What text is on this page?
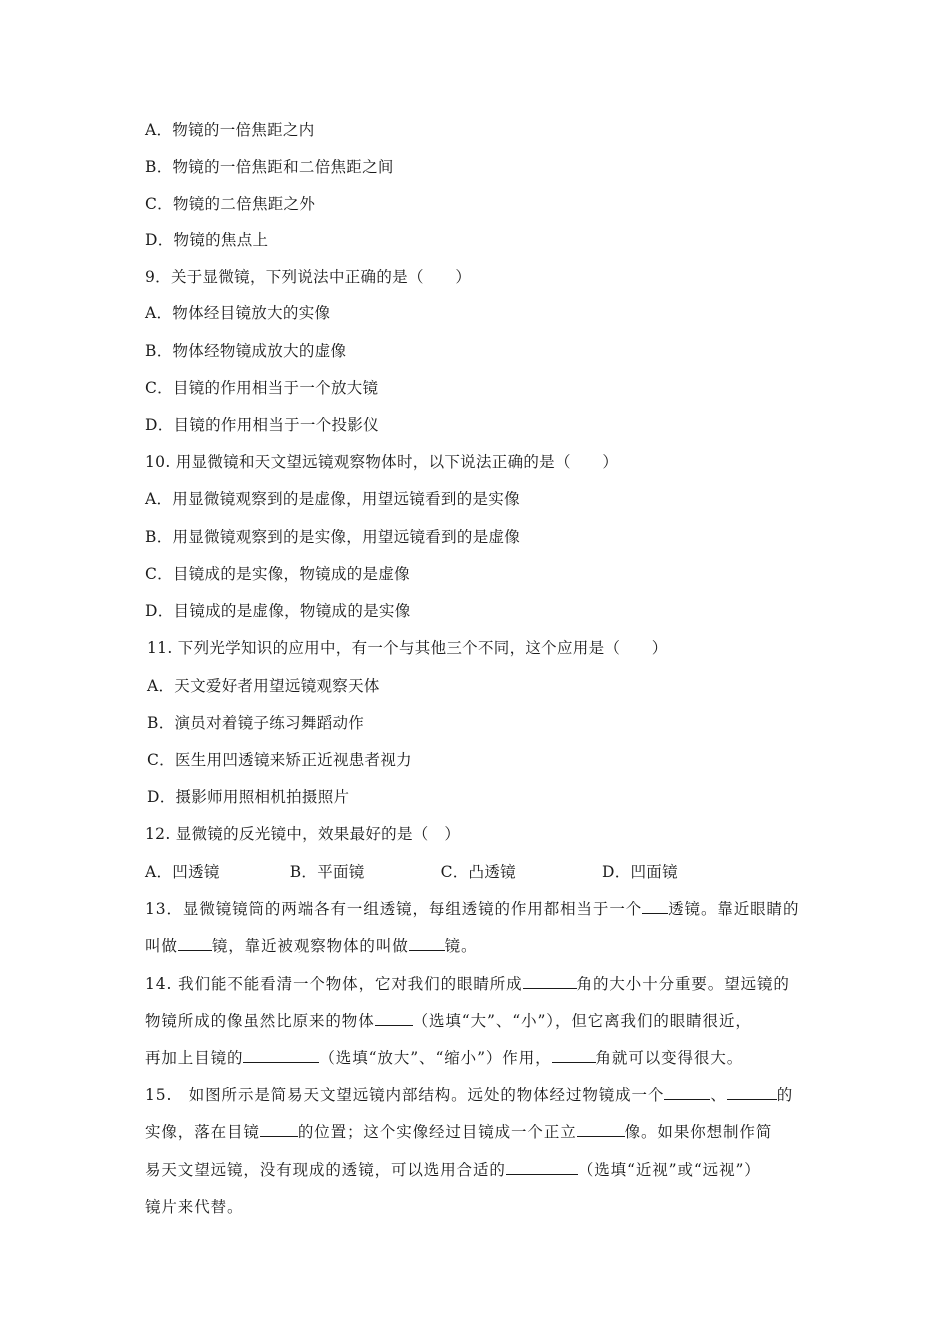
A．物镜的一倍焦距之内
B．物镜的一倍焦距和二倍焦距之间
C．物镜的二倍焦距之外
D．物镜的焦点上
9．关于显微镜，下列说法中正确的是（　　）
A．物体经目镜放大的实像
B．物体经物镜成放大的虚像
C．目镜的作用相当于一个放大镜
D．目镜的作用相当于一个投影仪
10. 用显微镜和天文望远镜观察物体时，以下说法正确的是（　　）
A．用显微镜观察到的是虚像，用望远镜看到的是实像
B．用显微镜观察到的是实像，用望远镜看到的是虚像
C．目镜成的是实像，物镜成的是虚像
D．目镜成的是虚像，物镜成的是实像
11. 下列光学知识的应用中，有一个与其他三个不同，这个应用是（　　）
A．天文爱好者用望远镜观察天体
B．演员对着镜子练习舞蹈动作
C．医生用凹透镜来矫正近视患者视力
D．摄影师用照相机拍摄照片
12. 显微镜的反光镜中，效果最好的是（　）
A．凹透镜	B．平面镜	C．凸透镜	D．凹面镜
13．显微镜镜筒的两端各有一组透镜，每组透镜的作用都相当于一个 透镜。靠近眼睛的
叫做 镜，靠近被观察物体的叫做 镜。
14. 我们能不能看清一个物体，它对我们的眼睛所成	角的大小十分重要。望远镜的
物镜所成的像虽然比原来的物体 （选填“大”、“小”），但它离我们的眼睛很近，
再加上目镜的	（选填“放大”、“缩小”）作用，	角就可以变得很大。
15.　如图所示是简易天文望远镜内部结构。远处的物体经过物镜成一个	、	的
实像，落在目镜 的位置；这个实像经过目镜成一个正立	像。如果你想制作简
易天文望远镜，没有现成的透镜，可以选用合适的	（选填“近视”或“远视”）
镜片来代替。
